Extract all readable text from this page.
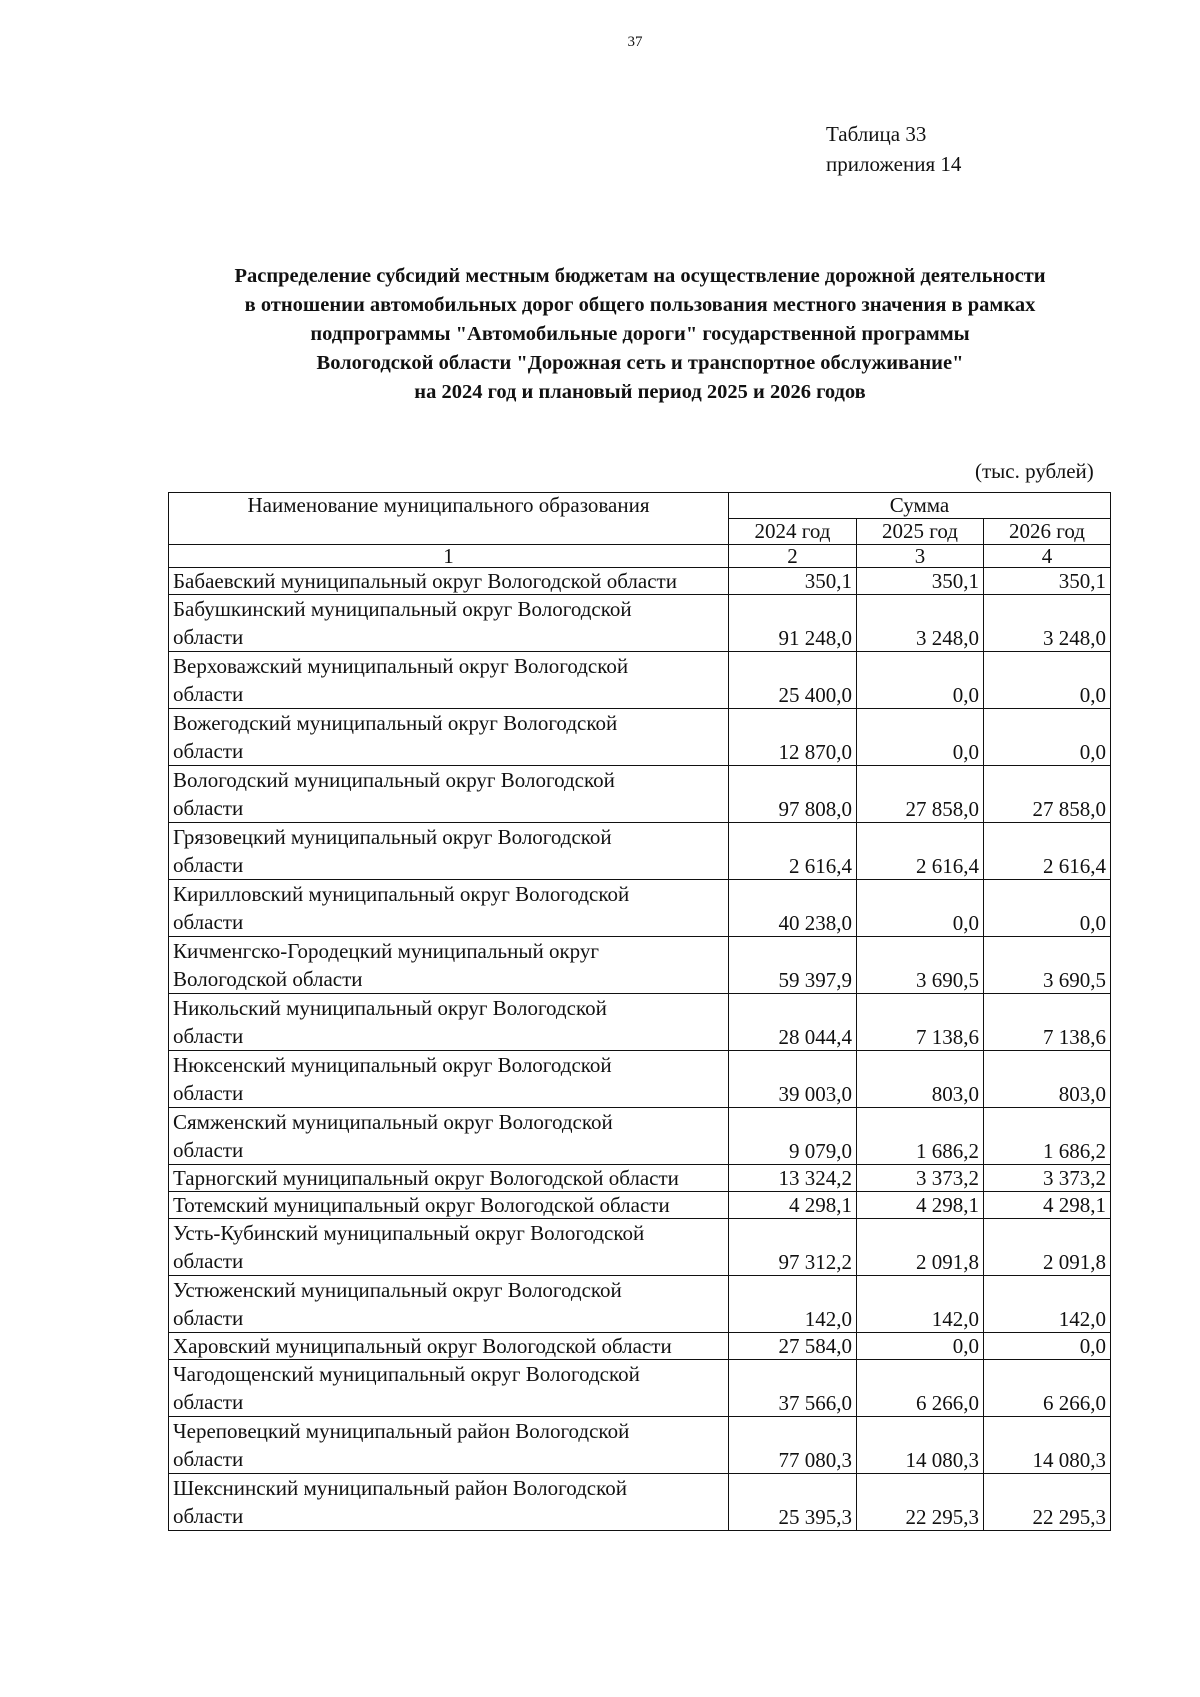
37
Таблица 33
приложения 14
Распределение субсидий местным бюджетам на осуществление дорожной деятельности
в отношении автомобильных дорог общего пользования местного значения в рамках
подпрограммы "Автомобильные дороги" государственной программы
Вологодской области "Дорожная сеть и транспортное обслуживание"
на 2024 год и плановый период 2025 и 2026 годов
(тыс. рублей)
Наименование муниципального образования	Сумма		
	2024 год	2025 год	2026 год
1	2	3	4

Бабаевский муниципальный округ Вологодской области	350,1	350,1	350,1

Бабушкинский муниципальный округ Вологодской
области	91 248,0	3 248,0	3 248,0

Верховажский муниципальный округ Вологодской
области	25 400,0	0,0	0,0

Вожегодский муниципальный округ Вологодской
области	12 870,0	0,0	0,0

Вологодский муниципальный округ Вологодской
области	97 808,0	27 858,0	27 858,0

Грязовецкий муниципальный округ Вологодской
области	2 616,4	2 616,4	2 616,4

Кирилловский муниципальный округ Вологодской
области	40 238,0	0,0	0,0

Кичменгско-Городецкий муниципальный округ
Вологодской области	59 397,9	3 690,5	3 690,5

Никольский муниципальный округ Вологодской
области	28 044,4	7 138,6	7 138,6

Нюксенский муниципальный округ Вологодской
области	39 003,0	803,0	803,0

Сямженский муниципальный округ Вологодской
области	9 079,0	1 686,2	1 686,2

Тарногский муниципальный округ Вологодской области	13 324,2	3 373,2	3 373,2

Тотемский муниципальный округ Вологодской области	4 298,1	4 298,1	4 298,1

Усть-Кубинский муниципальный округ Вологодской
области	97 312,2	2 091,8	2 091,8

Устюженский муниципальный округ Вологодской
области	142,0	142,0	142,0

Харовский муниципальный округ Вологодской области	27 584,0	0,0	0,0

Чагодощенский муниципальный округ Вологодской
области	37 566,0	6 266,0	6 266,0

Череповецкий муниципальный район Вологодской
области	77 080,3	14 080,3	14 080,3

Шекснинский муниципальный район Вологодской
области	25 395,3	22 295,3	22 295,3
